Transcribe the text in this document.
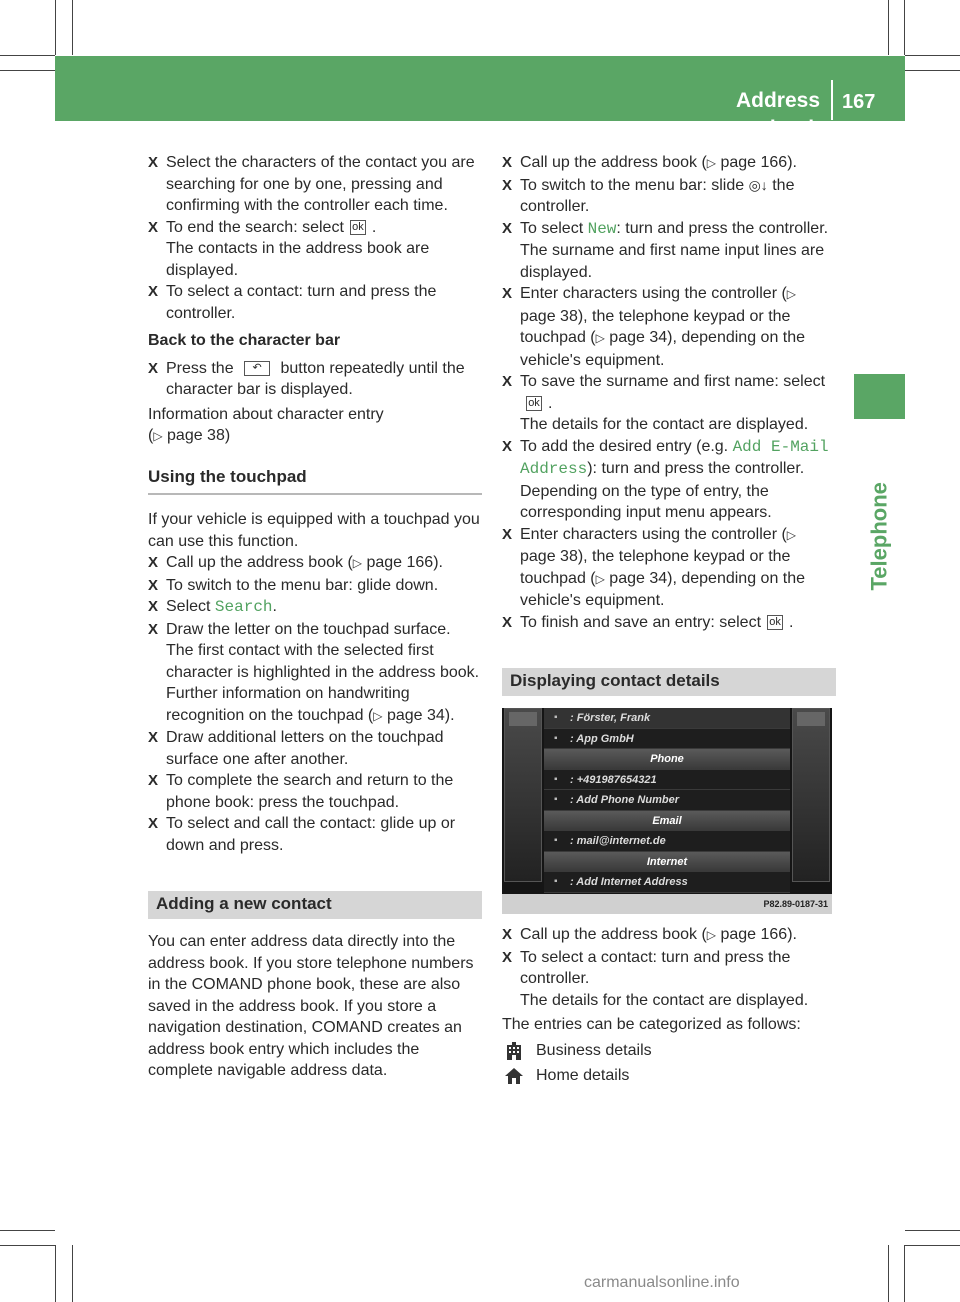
Address book
167
Telephone
X Select the characters of the contact you are searching for one by one, pressing and confirming with the controller each time.
X To end the search: select ok .
The contacts in the address book are displayed.
X To select a contact: turn and press the controller.
Back to the character bar
X Press the ↶ button repeatedly until the character bar is displayed.
Information about character entry
(▷ page 38)
Using the touchpad
If your vehicle is equipped with a touchpad you can use this function.
X Call up the address book (▷ page 166).
X To switch to the menu bar: glide down.
X Select Search.
X Draw the letter on the touchpad surface.
The first contact with the selected first character is highlighted in the address book.
Further information on handwriting recognition on the touchpad (▷ page 34).
X Draw additional letters on the touchpad surface one after another.
X To complete the search and return to the phone book: press the touchpad.
X To select and call the contact: glide up or down and press.
Adding a new contact
You can enter address data directly into the address book. If you store telephone numbers in the COMAND phone book, these are also saved in the address book. If you store a navigation destination, COMAND creates an address book entry which includes the complete navigable address data.
X Call up the address book (▷ page 166).
X To switch to the menu bar: slide ◎↓ the controller.
X To select New: turn and press the controller.
The surname and first name input lines are displayed.
X Enter characters using the controller (▷ page 38), the telephone keypad or the touchpad (▷ page 34), depending on the vehicle's equipment.
X To save the surname and first name: select
ok .
The details for the contact are displayed.
X To add the desired entry (e.g. Add E-Mail Address): turn and press the controller.
Depending on the type of entry, the corresponding input menu appears.
X Enter characters using the controller (▷ page 38), the telephone keypad or the touchpad (▷ page 34), depending on the vehicle's equipment.
X To finish and save an entry: select ok .
Displaying contact details
▪ : Förster, Frank
▪ : App GmbH
Phone
▪ : +491987654321
▪ : Add Phone Number
Email
▪ : mail@internet.de
Internet
▪ : Add Internet Address
P82.89-0187-31
X Call up the address book (▷ page 166).
X To select a contact: turn and press the controller.
The details for the contact are displayed.
The entries can be categorized as follows:
Business details
Home details
carmanualsonline.info
